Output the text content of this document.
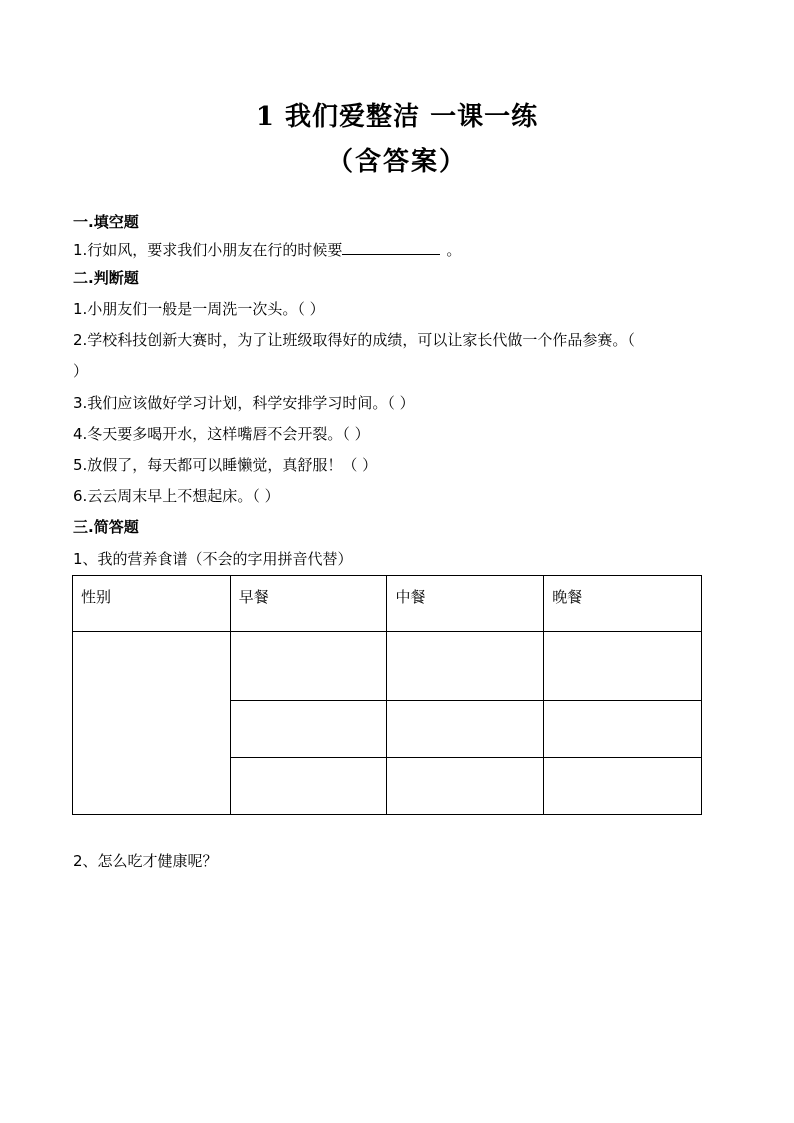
1 我们爱整洁 一课一练
（含答案）
一.填空题
1.行如风，要求我们小朋友在行的时候要	。
二.判断题
1.小朋友们一般是一周洗一次头。（ ）
2.学校科技创新大赛时，为了让班级取得好的成绩，可以让家长代做一个作品参赛。（
）
3.我们应该做好学习计划，科学安排学习时间。（ ）
4.冬天要多喝开水，这样嘴唇不会开裂。（ ）
5.放假了，每天都可以睡懒觉，真舒服！（ ）
6.云云周末早上不想起床。（ ）
三.简答题
1、我的营养食谱（不会的字用拼音代替）
性别	早餐	中餐	晚餐

2、怎么吃才健康呢？
